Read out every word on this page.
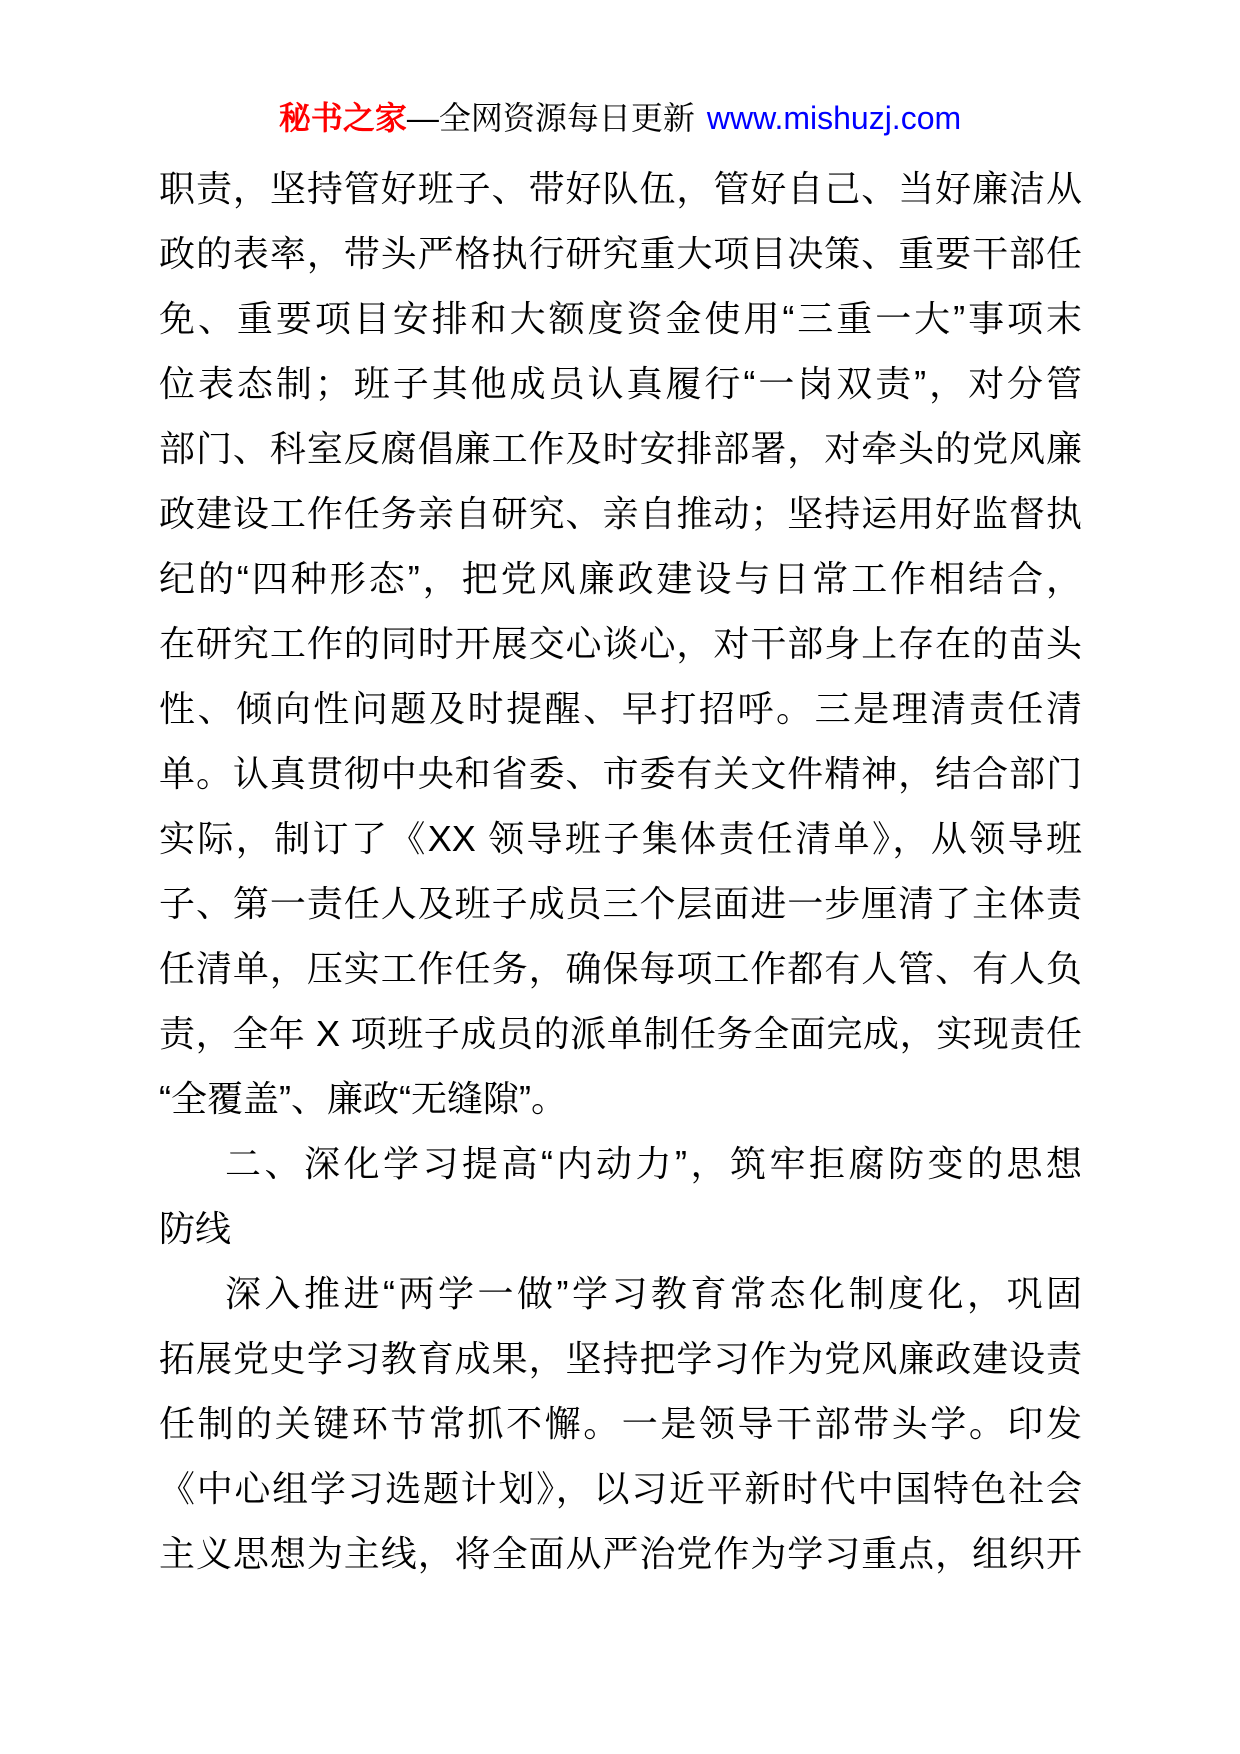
秘书之家—全网资源每日更新 www.mishuzj.com
职责，坚持管好班子、带好队伍，管好自己、当好廉洁从
政的表率，带头严格执行研究重大项目决策、重要干部任
免、重要项目安排和大额度资金使用“三重一大”事项末
位表态制；班子其他成员认真履行“一岗双责”，对分管
部门、科室反腐倡廉工作及时安排部署，对牵头的党风廉
政建设工作任务亲自研究、亲自推动；坚持运用好监督执
纪的“四种形态”，把党风廉政建设与日常工作相结合，
在研究工作的同时开展交心谈心，对干部身上存在的苗头
性、倾向性问题及时提醒、早打招呼。三是理清责任清
单。认真贯彻中央和省委、市委有关文件精神，结合部门
实际，制订了《XX 领导班子集体责任清单》，从领导班
子、第一责任人及班子成员三个层面进一步厘清了主体责
任清单，压实工作任务，确保每项工作都有人管、有人负
责，全年 X 项班子成员的派单制任务全面完成，实现责任
“全覆盖”、廉政“无缝隙”。
二、深化学习提高“内动力”，筑牢拒腐防变的思想
防线
深入推进“两学一做”学习教育常态化制度化，巩固
拓展党史学习教育成果，坚持把学习作为党风廉政建设责
任制的关键环节常抓不懈。一是领导干部带头学。印发
《中心组学习选题计划》，以习近平新时代中国特色社会
主义思想为主线，将全面从严治党作为学习重点，组织开
